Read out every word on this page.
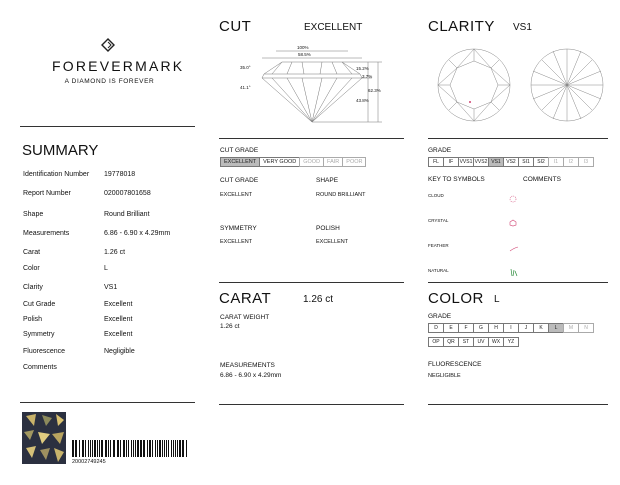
FOREVERMARK
A DIAMOND IS FOREVER
SUMMARY
Identification Number 19778018
Report Number	020007801658
Shape	Round Brilliant
Measurements	6.86 - 6.90 x 4.29mm
Carat	1.26 ct
Color	L
Clarity	VS1
Cut Grade	Excellent
Polish	Excellent
Symmetry	Excellent
Fluorescence	Negligible
Comments
20002749245
CUT	EXCELLENT
100%
58.5%
35.0°
41.1°
15.2%
3.7%
62.3%
43.8%
CUT GRADE
EXCELLENT	VERY GOOD	GOOD	FAIR	POOR
CUT GRADE
EXCELLENT
SHAPE
ROUND BRILLIANT
SYMMETRY
EXCELLENT
POLISH
EXCELLENT
CARAT	1.26 ct
CARAT WEIGHT
1.26 ct
MEASUREMENTS
6.86 - 6.90 x 4.29mm
CLARITY VS1
GRADE
FL	IF	VVS1 VVS2 VS1	VS2	SI1	SI2	I1	I2	I3
KEY TO SYMBOLS	COMMENTS
CLOUD
CRYSTAL
FEATHER
NATURAL
COLOR L
GRADE
D	E	F	G	H	I	J	K	L	M	N
OP	QR	ST	UV	WX	YZ
FLUORESCENCE
NEGLIGIBLE
